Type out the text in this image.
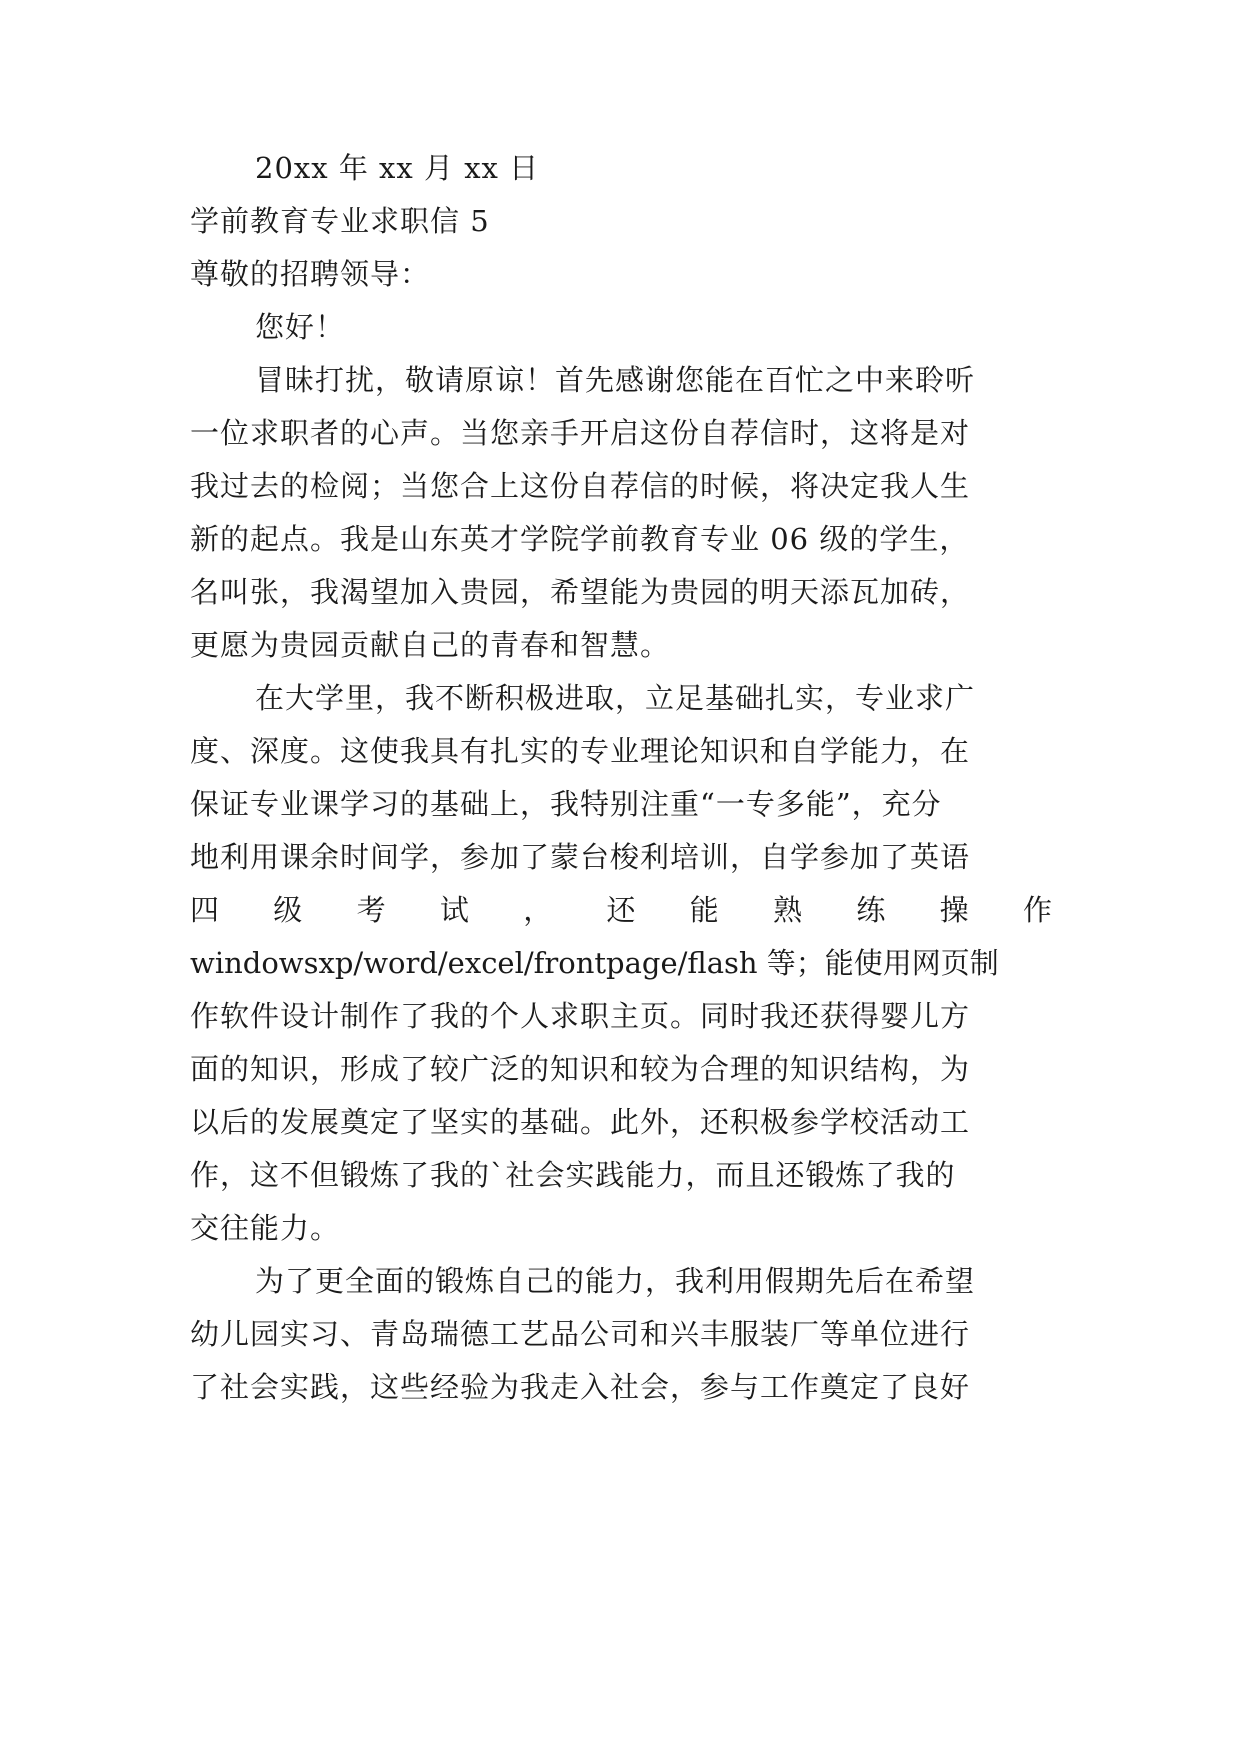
20xx 年 xx 月 xx 日
学前教育专业求职信 5
尊敬的招聘领导：
您好！
冒昧打扰，敬请原谅！首先感谢您能在百忙之中来聆听
一位求职者的心声。当您亲手开启这份自荐信时，这将是对
我过去的检阅；当您合上这份自荐信的时候，将决定我人生
新的起点。我是山东英才学院学前教育专业 06 级的学生，
名叫张，我渴望加入贵园，希望能为贵园的明天添瓦加砖，
更愿为贵园贡献自己的青春和智慧。
在大学里，我不断积极进取，立足基础扎实，专业求广
度、深度。这使我具有扎实的专业理论知识和自学能力，在
保证专业课学习的基础上，我特别注重“一专多能”，充分
地利用课余时间学，参加了蒙台梭利培训，自学参加了英语
四 级 考 试 ， 还 能 熟 练 操 作
windowsxp/word/excel/frontpage/flash 等；能使用网页制
作软件设计制作了我的个人求职主页。同时我还获得婴儿方
面的知识，形成了较广泛的知识和较为合理的知识结构，为
以后的发展奠定了坚实的基础。此外，还积极参学校活动工
作，这不但锻炼了我的`社会实践能力，而且还锻炼了我的
交往能力。
为了更全面的锻炼自己的能力，我利用假期先后在希望
幼儿园实习、青岛瑞德工艺品公司和兴丰服装厂等单位进行
了社会实践，这些经验为我走入社会，参与工作奠定了良好
